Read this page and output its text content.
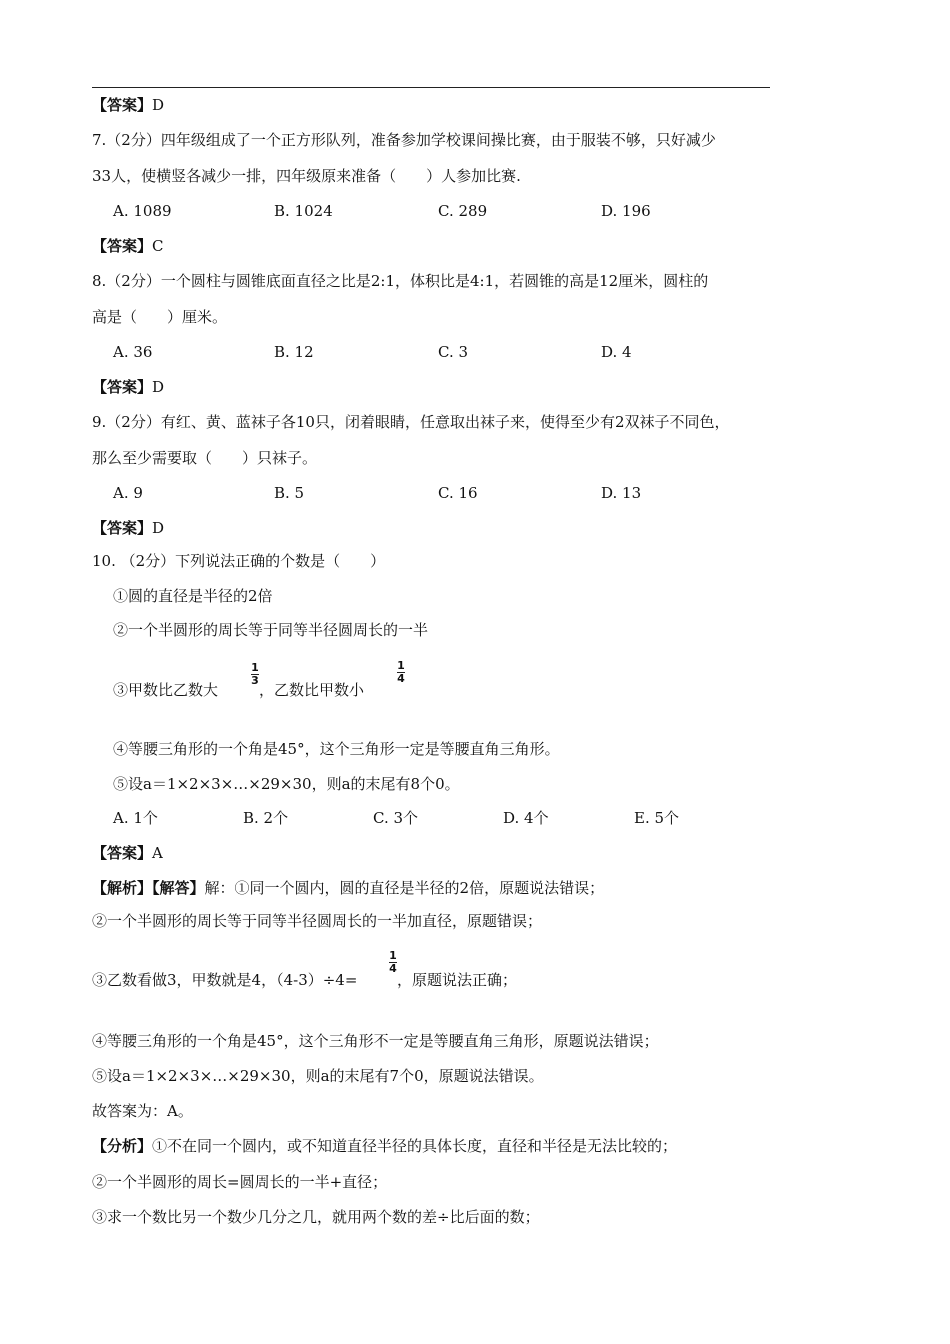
【答案】D
7.（2分）四年级组成了一个正方形队列，准备参加学校课间操比赛，由于服装不够，只好减少
33人，使横竖各减少一排，四年级原来准备（　　）人参加比赛.
A. 1089	B. 1024	C. 289	D. 196
【答案】C
8.（2分）一个圆柱与圆锥底面直径之比是2:1，体积比是4:1，若圆锥的高是12厘米，圆柱的
高是（　　）厘米。
A. 36	B. 12	C. 3	D. 4
【答案】D
9.（2分）有红、黄、蓝袜子各10只，闭着眼睛，任意取出袜子来，使得至少有2双袜子不同色，
那么至少需要取（　　）只袜子。
A. 9	B. 5	C. 16	D. 13
【答案】D
10. （2分）下列说法正确的个数是（　　）
①圆的直径是半径的2倍
②一个半圆形的周长等于同等半径圆周长的一半
③甲数比乙数大
1
3
，乙数比甲数小
1
4
④等腰三角形的一个角是45°，这个三角形一定是等腰直角三角形。
⑤设a＝1×2×3×…×29×30，则a的末尾有8个0。
A. 1个	B. 2个	C. 3个	D. 4个	E. 5个
【答案】A
【解析】【解答】解：①同一个圆内，圆的直径是半径的2倍，原题说法错误；
②一个半圆形的周长等于同等半径圆周长的一半加直径，原题错误；
③乙数看做3，甲数就是4，（4-3）÷4=
1
4
，原题说法正确；
④等腰三角形的一个角是45°，这个三角形不一定是等腰直角三角形，原题说法错误；
⑤设a＝1×2×3×…×29×30，则a的末尾有7个0，原题说法错误。
故答案为：A。
【分析】①不在同一个圆内，或不知道直径半径的具体长度，直径和半径是无法比较的；
②一个半圆形的周长=圆周长的一半+直径；
③求一个数比另一个数少几分之几，就用两个数的差÷比后面的数；
